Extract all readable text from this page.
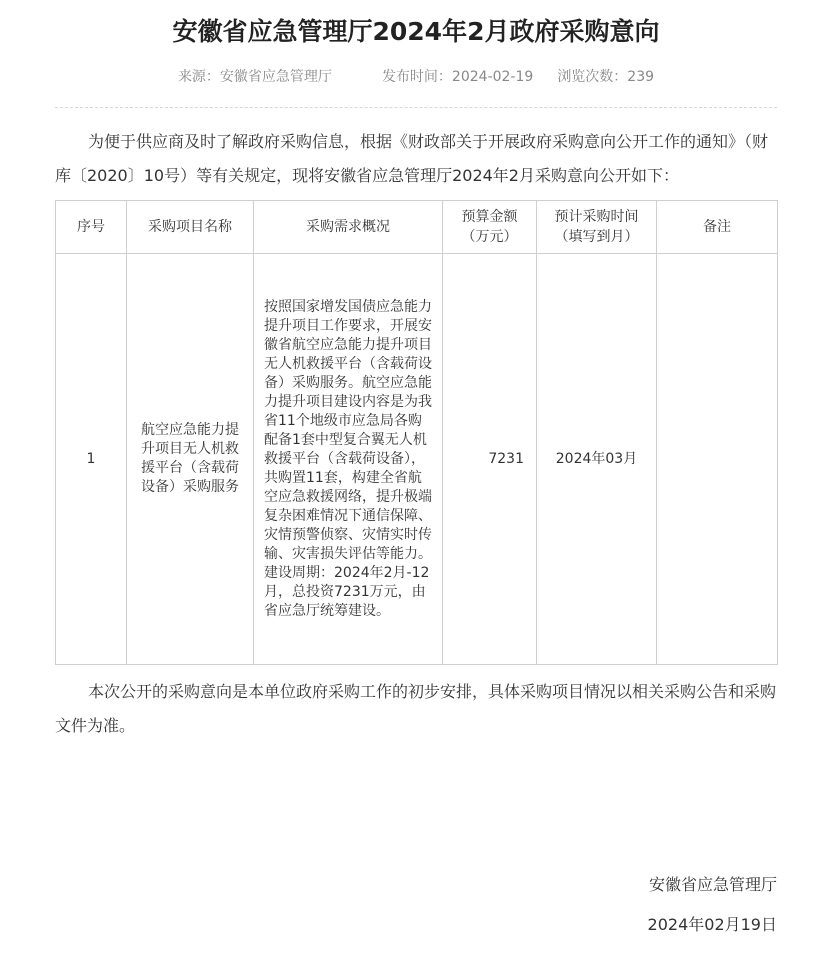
安徽省应急管理厅2024年2月政府采购意向
来源：安徽省应急管理厅	发布时间：2024-02-19 浏览次数：239

为便于供应商及时了解政府采购信息，根据《财政部关于开展政府采购意向公开工作的通知》（财库〔2020〕10号）等有关规定，现将安徽省应急管理厅2024年2月采购意向公开如下：

序号	采购项目名称	采购需求概况	预算金额（万元）	预计采购时间（填写到月）	备注
1	航空应急能力提升项目无人机救援平台（含载荷设备）采购服务	按照国家增发国债应急能力提升项目工作要求，开展安徽省航空应急能力提升项目无人机救援平台（含载荷设备）采购服务。航空应急能力提升项目建设内容是为我省11个地级市应急局各购配备1套中型复合翼无人机救援平台（含载荷设备），共购置11套，构建全省航空应急救援网络，提升极端复杂困难情况下通信保障、灾情预警侦察、灾情实时传输、灾害损失评估等能力。建设周期：2024年2月-12月，总投资7231万元，由省应急厅统筹建设。	7231	2024年03月	

本次公开的采购意向是本单位政府采购工作的初步安排，具体采购项目情况以相关采购公告和采购文件为准。

安徽省应急管理厅
2024年02月19日
